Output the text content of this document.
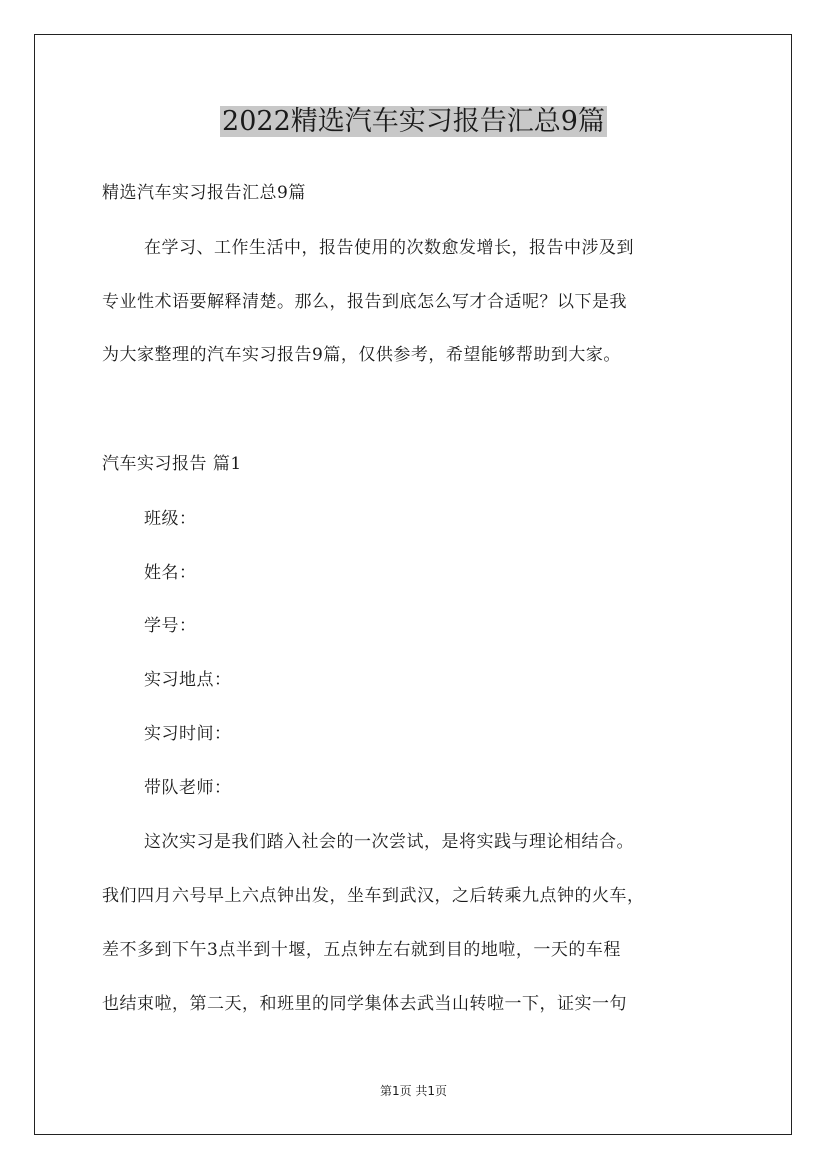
2022精选汽车实习报告汇总9篇
精选汽车实习报告汇总9篇
在学习、工作生活中，报告使用的次数愈发增长，报告中涉及到
专业性术语要解释清楚。那么，报告到底怎么写才合适呢？以下是我
为大家整理的汽车实习报告9篇，仅供参考，希望能够帮助到大家。
汽车实习报告 篇1
班级：
姓名：
学号：
实习地点：
实习时间：
带队老师：
这次实习是我们踏入社会的一次尝试，是将实践与理论相结合。
我们四月六号早上六点钟出发，坐车到武汉，之后转乘九点钟的火车，
差不多到下午3点半到十堰，五点钟左右就到目的地啦，一天的车程
也结束啦，第二天，和班里的同学集体去武当山转啦一下，证实一句
第1页 共1页
